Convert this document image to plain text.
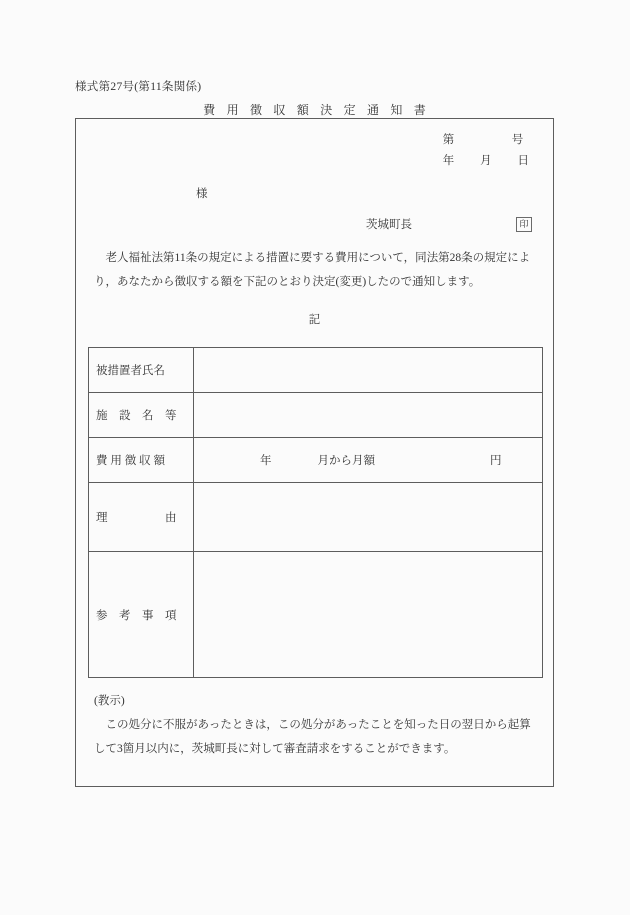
様式第27号(第11条関係)
費 用 徴 収 額 決 定 通 知 書
第　　　　　号
年　　 月　　 日
様
茨城町長	印
　老人福祉法第11条の規定による措置に要する費用について，同法第28条の規定によ
り，あなたから徴収する額を下記のとおり決定(変更)したので通知します。
記
被措置者氏名	

施　設　名　等	

費 用 徴 収 額	年　　　　月から月額　　　　　　　　　　円

理　　　　　由	

参　考　事　項	

(教示)
　この処分に不服があったときは，この処分があったことを知った日の翌日から起算
して3箇月以内に，茨城町長に対して審査請求をすることができます。
